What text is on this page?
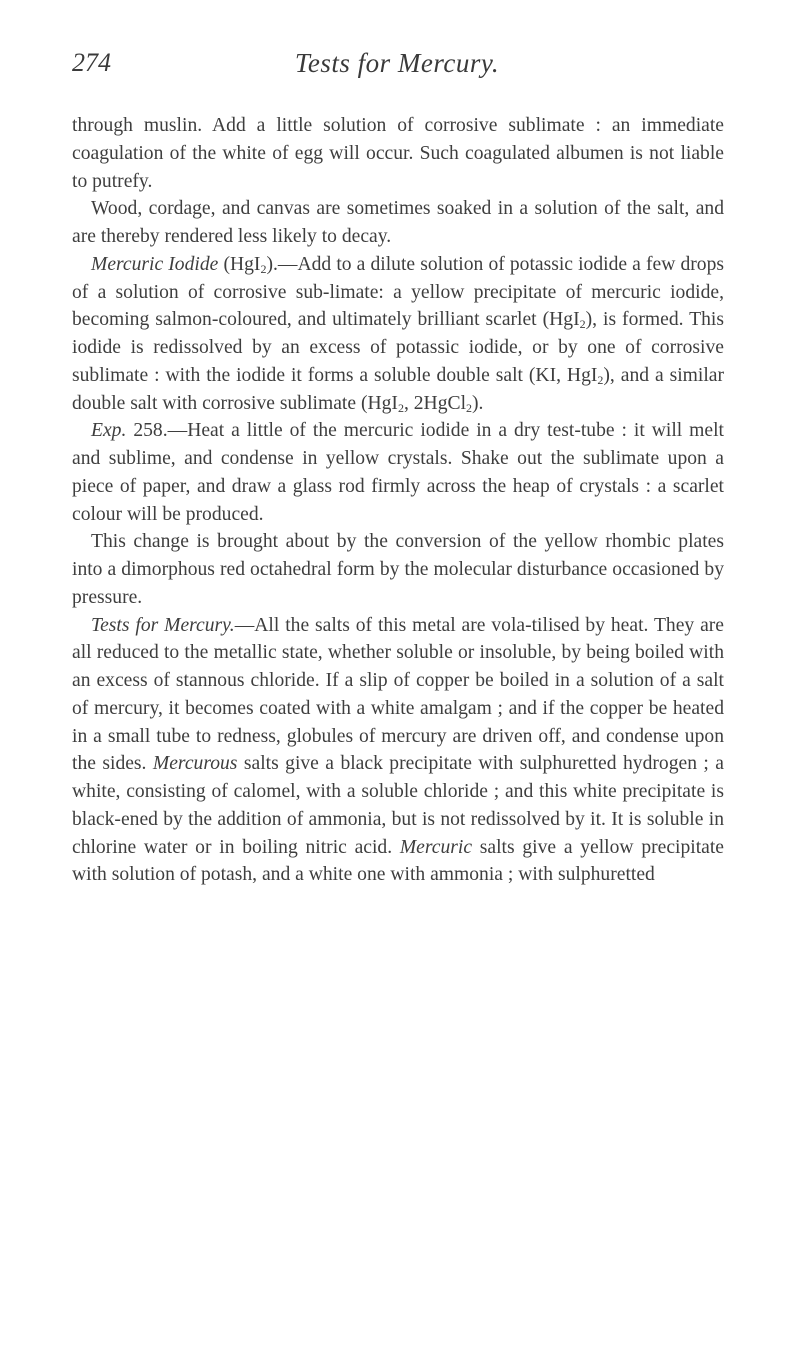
274	Tests for Mercury.

through muslin. Add a little solution of corrosive sublimate : an immediate coagulation of the white of egg will occur. Such coagulated albumen is not liable to putrefy.

Wood, cordage, and canvas are sometimes soaked in a solution of the salt, and are thereby rendered less likely to decay.

Mercuric Iodide (HgI$_2$).—Add to a dilute solution of potassic iodide a few drops of a solution of corrosive sub-limate: a yellow precipitate of mercuric iodide, becoming salmon-coloured, and ultimately brilliant scarlet (HgI$_2$), is formed. This iodide is redissolved by an excess of potassic iodide, or by one of corrosive sublimate : with the iodide it forms a soluble double salt (KI, HgI$_2$), and a similar double salt with corrosive sublimate (HgI$_2$, 2HgCl$_2$).

Exp. 258.—Heat a little of the mercuric iodide in a dry test-tube : it will melt and sublime, and condense in yellow crystals. Shake out the sublimate upon a piece of paper, and draw a glass rod firmly across the heap of crystals : a scarlet colour will be produced.

This change is brought about by the conversion of the yellow rhombic plates into a dimorphous red octahedral form by the molecular disturbance occasioned by pressure.

Tests for Mercury.—All the salts of this metal are vola-tilised by heat. They are all reduced to the metallic state, whether soluble or insoluble, by being boiled with an excess of stannous chloride. If a slip of copper be boiled in a solution of a salt of mercury, it becomes coated with a white amalgam ; and if the copper be heated in a small tube to redness, globules of mercury are driven off, and condense upon the sides. Mercurous salts give a black precipitate with sulphuretted hydrogen ; a white, consisting of calomel, with a soluble chloride ; and this white precipitate is black-ened by the addition of ammonia, but is not redissolved by it. It is soluble in chlorine water or in boiling nitric acid. Mercuric salts give a yellow precipitate with solution of potash, and a white one with ammonia ; with sulphuretted
